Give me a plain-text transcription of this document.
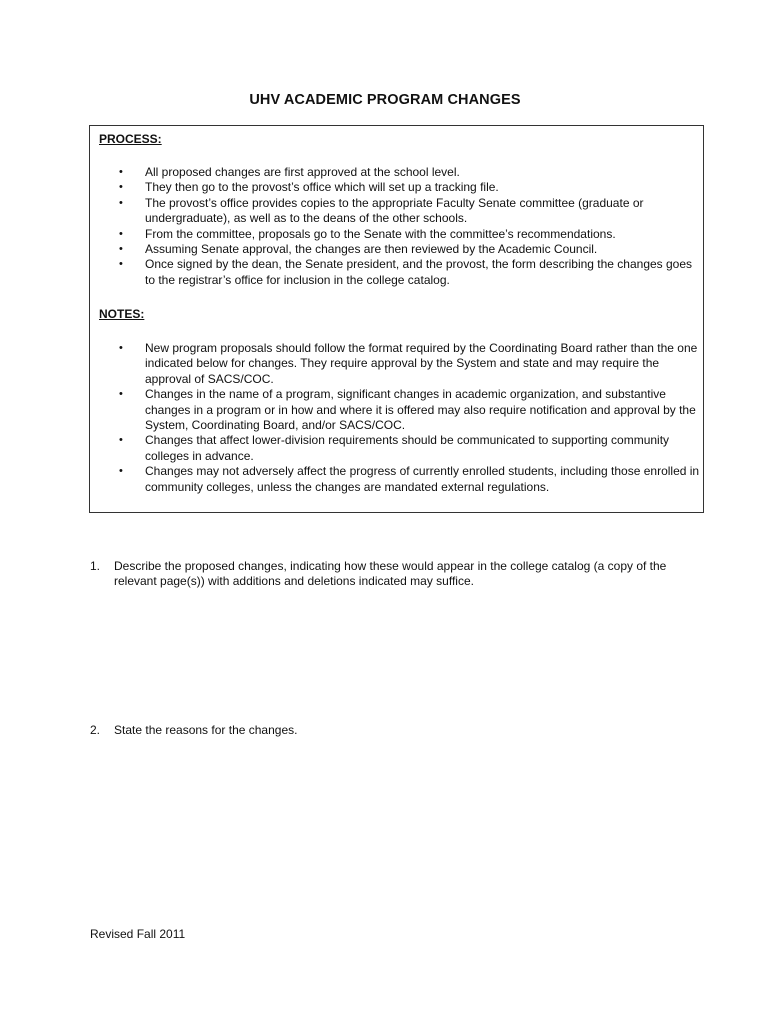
UHV ACADEMIC PROGRAM CHANGES

PROCESS:

• All proposed changes are first approved at the school level.
• They then go to the provost’s office which will set up a tracking file.
• The provost’s office provides copies to the appropriate Faculty Senate committee (graduate or undergraduate), as well as to the deans of the other schools.
• From the committee, proposals go to the Senate with the committee’s recommendations.
• Assuming Senate approval, the changes are then reviewed by the Academic Council.
• Once signed by the dean, the Senate president, and the provost, the form describing the changes goes to the registrar’s office for inclusion in the college catalog.

NOTES:

• New program proposals should follow the format required by the Coordinating Board rather than the one indicated below for changes. They require approval by the System and state and may require the approval of SACS/COC.
• Changes in the name of a program, significant changes in academic organization, and substantive changes in a program or in how and where it is offered may also require notification and approval by the System, Coordinating Board, and/or SACS/COC.
• Changes that affect lower-division requirements should be communicated to supporting community colleges in advance.
• Changes may not adversely affect the progress of currently enrolled students, including those enrolled in community colleges, unless the changes are mandated external regulations.
1. Describe the proposed changes, indicating how these would appear in the college catalog (a copy of the relevant page(s)) with additions and deletions indicated may suffice.
2. State the reasons for the changes.

Revised Fall 2011
